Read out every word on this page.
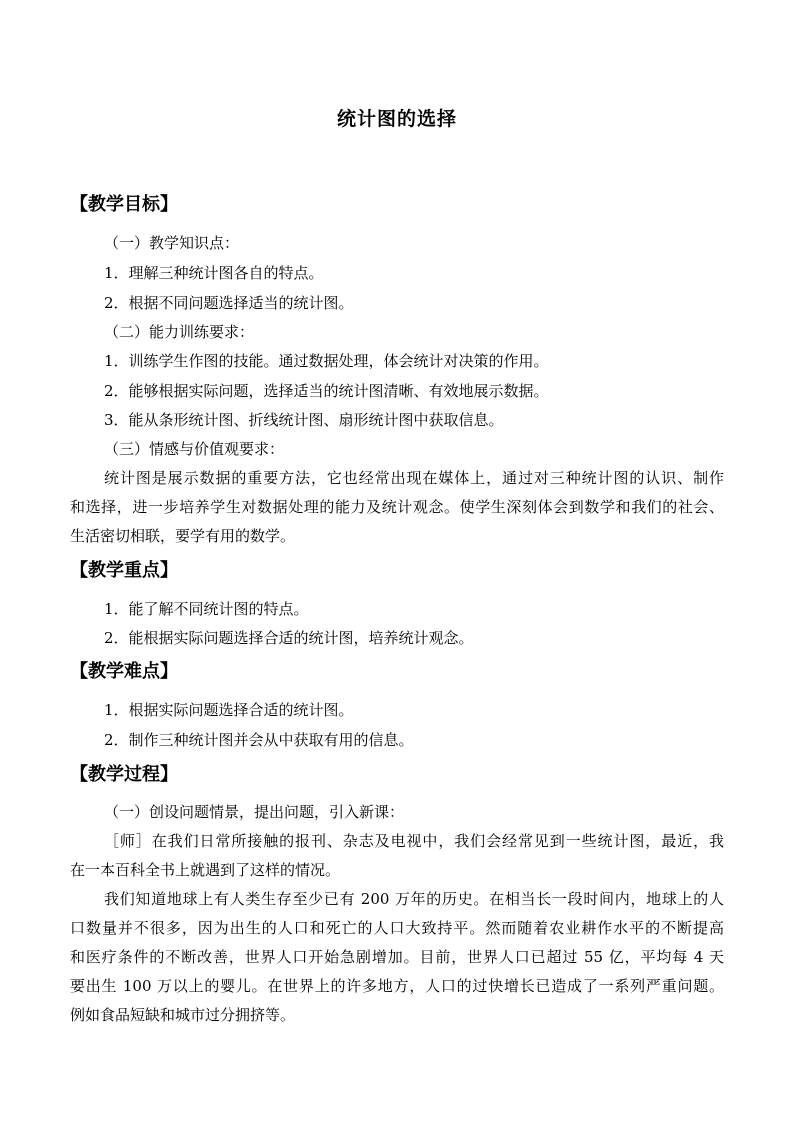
统计图的选择
【教学目标】
（一）教学知识点：
1．理解三种统计图各自的特点。
2．根据不同问题选择适当的统计图。
（二）能力训练要求：
1．训练学生作图的技能。通过数据处理，体会统计对决策的作用。
2．能够根据实际问题，选择适当的统计图清晰、有效地展示数据。
3．能从条形统计图、折线统计图、扇形统计图中获取信息。
（三）情感与价值观要求：
统计图是展示数据的重要方法，它也经常出现在媒体上，通过对三种统计图的认识、制作
和选择，进一步培养学生对数据处理的能力及统计观念。使学生深刻体会到数学和我们的社会、
生活密切相联，要学有用的数学。
【教学重点】
1．能了解不同统计图的特点。
2．能根据实际问题选择合适的统计图，培养统计观念。
【教学难点】
1．根据实际问题选择合适的统计图。
2．制作三种统计图并会从中获取有用的信息。
【教学过程】
（一）创设问题情景，提出问题，引入新课：
［师］在我们日常所接触的报刊、杂志及电视中，我们会经常见到一些统计图，最近，我
在一本百科全书上就遇到了这样的情况。
我们知道地球上有人类生存至少已有 200 万年的历史。在相当长一段时间内，地球上的人
口数量并不很多，因为出生的人口和死亡的人口大致持平。然而随着农业耕作水平的不断提高
和医疗条件的不断改善，世界人口开始急剧增加。目前，世界人口已超过 55 亿，平均每 4 天
要出生 100 万以上的婴儿。在世界上的许多地方，人口的过快增长已造成了一系列严重问题。
例如食品短缺和城市过分拥挤等。
